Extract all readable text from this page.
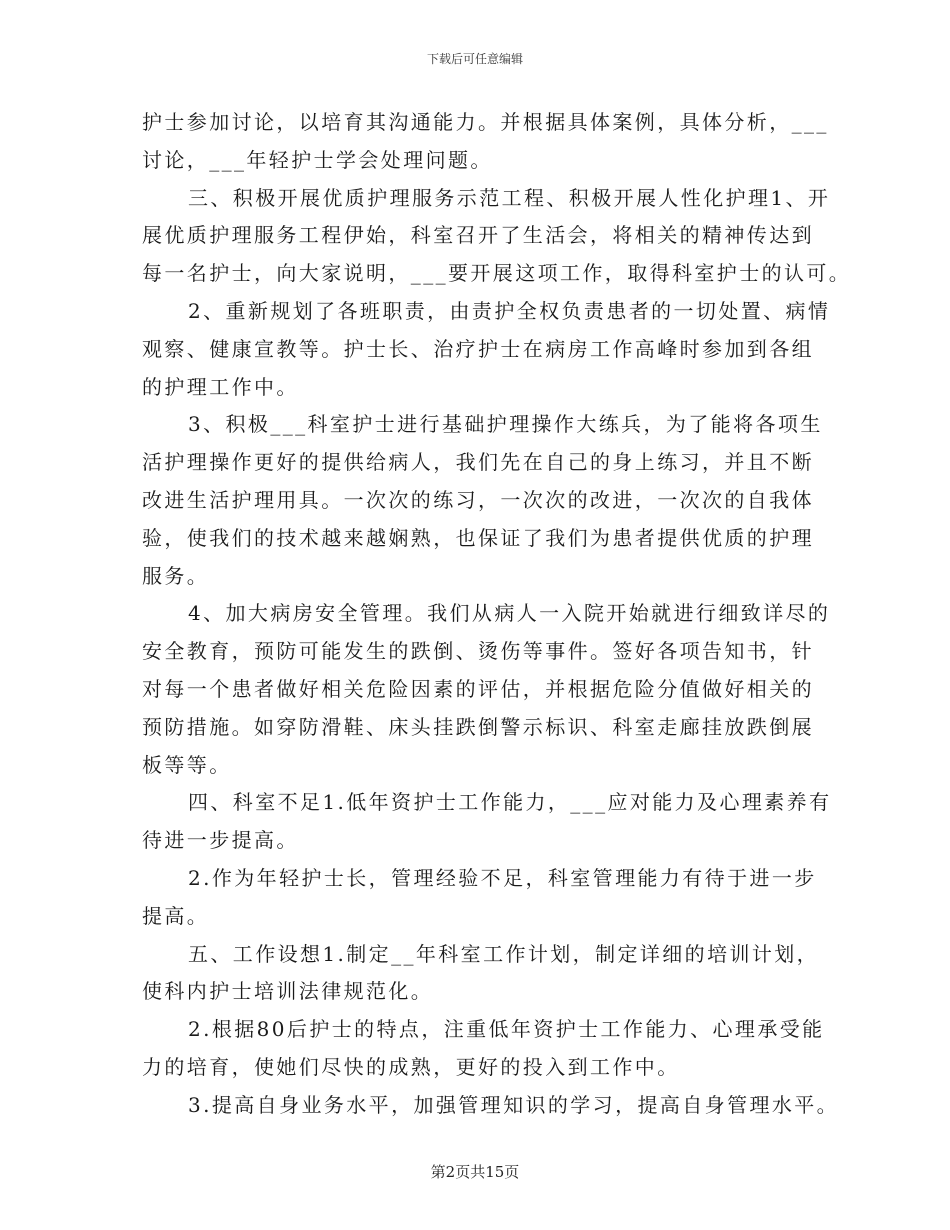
下载后可任意编辑
护士参加讨论，以培育其沟通能力。并根据具体案例，具体分析，___
讨论，___年轻护士学会处理问题。
三、积极开展优质护理服务示范工程、积极开展人性化护理1、开
展优质护理服务工程伊始，科室召开了生活会，将相关的精神传达到
每一名护士，向大家说明，___要开展这项工作，取得科室护士的认可。
2、重新规划了各班职责，由责护全权负责患者的一切处置、病情
观察、健康宣教等。护士长、治疗护士在病房工作高峰时参加到各组
的护理工作中。
3、积极___科室护士进行基础护理操作大练兵，为了能将各项生
活护理操作更好的提供给病人，我们先在自己的身上练习，并且不断
改进生活护理用具。一次次的练习，一次次的改进，一次次的自我体
验，使我们的技术越来越娴熟，也保证了我们为患者提供优质的护理
服务。
4、加大病房安全管理。我们从病人一入院开始就进行细致详尽的
安全教育，预防可能发生的跌倒、烫伤等事件。签好各项告知书，针
对每一个患者做好相关危险因素的评估，并根据危险分值做好相关的
预防措施。如穿防滑鞋、床头挂跌倒警示标识、科室走廊挂放跌倒展
板等等。
四、科室不足1.低年资护士工作能力，___应对能力及心理素养有
待进一步提高。
2.作为年轻护士长，管理经验不足，科室管理能力有待于进一步
提高。
五、工作设想1.制定__年科室工作计划，制定详细的培训计划，
使科内护士培训法律规范化。
2.根据80后护士的特点，注重低年资护士工作能力、心理承受能
力的培育，使她们尽快的成熟，更好的投入到工作中。
3.提高自身业务水平，加强管理知识的学习，提高自身管理水平。
第2页共15页
